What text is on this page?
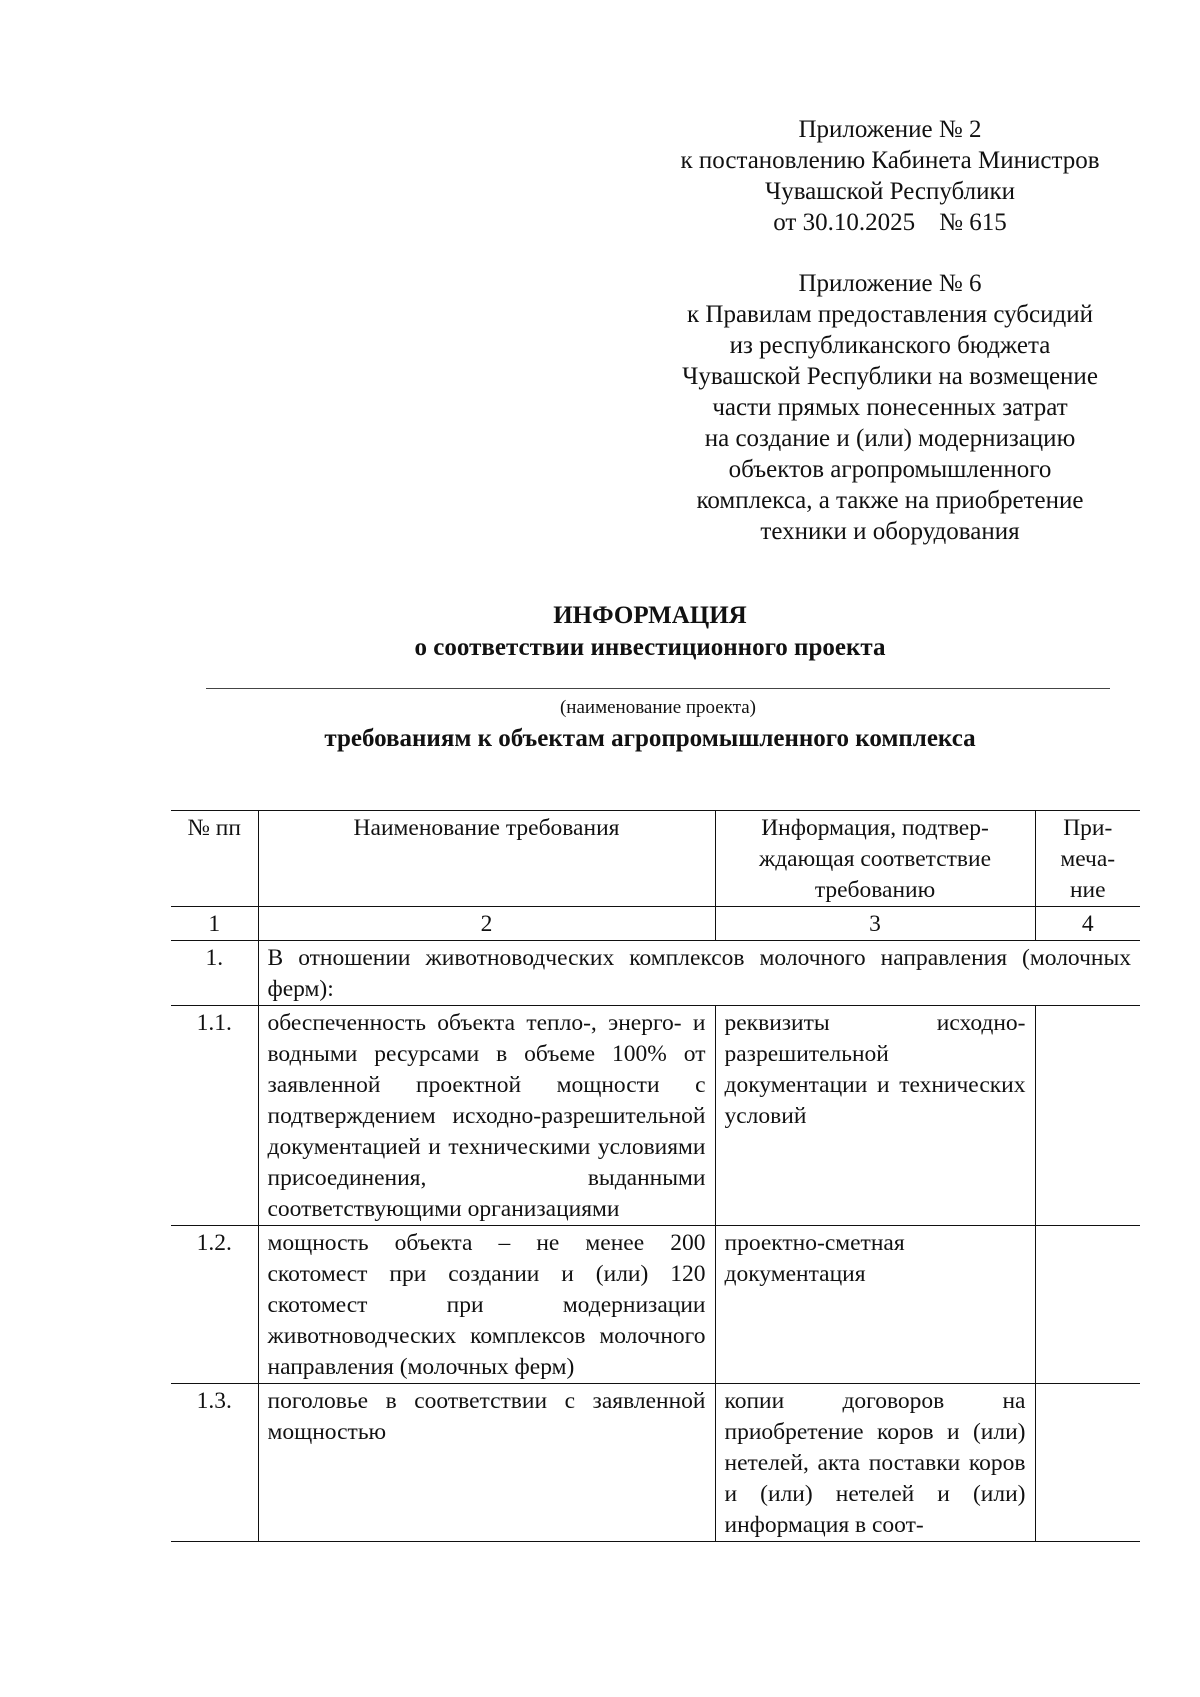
Приложение № 2
к постановлению Кабинета Министров
Чувашской Республики
от 30.10.2025 № 615
Приложение № 6
к Правилам предоставления субсидий
из республиканского бюджета
Чувашской Республики на возмещение
части прямых понесенных затрат
на создание и (или) модернизацию
объектов агропромышленного
комплекса, а также на приобретение
техники и оборудования
ИНФОРМАЦИЯ
о соответствии инвестиционного проекта
(наименование проекта)
требованиям к объектам агропромышленного комплекса
№ пп	Наименование требования	Информация, подтвер-ждающая соответствие требованию	При-меча-ние
1	2	3	4
1.	В отношении животноводческих комплексов молочного направления (молочных ферм):		
1.1.	обеспеченность объекта тепло-, энерго- и водными ресурсами в объеме 100% от заявленной проектной мощности с подтверждением исходно-разрешительной документацией и техническими условиями присоединения, выданными соответствующими организациями	реквизиты исходно-разрешительной документации и технических условий	
1.2.	мощность объекта – не менее 200 скотомест при создании и (или) 120 скотомест при модернизации животноводческих комплексов молочного направления (молочных ферм)	проектно-сметная документация	
1.3.	поголовье в соответствии с заявленной мощностью	копии договоров на приобретение коров и (или) нетелей, акта поставки коров и (или) нетелей и (или) информация в соот-	
